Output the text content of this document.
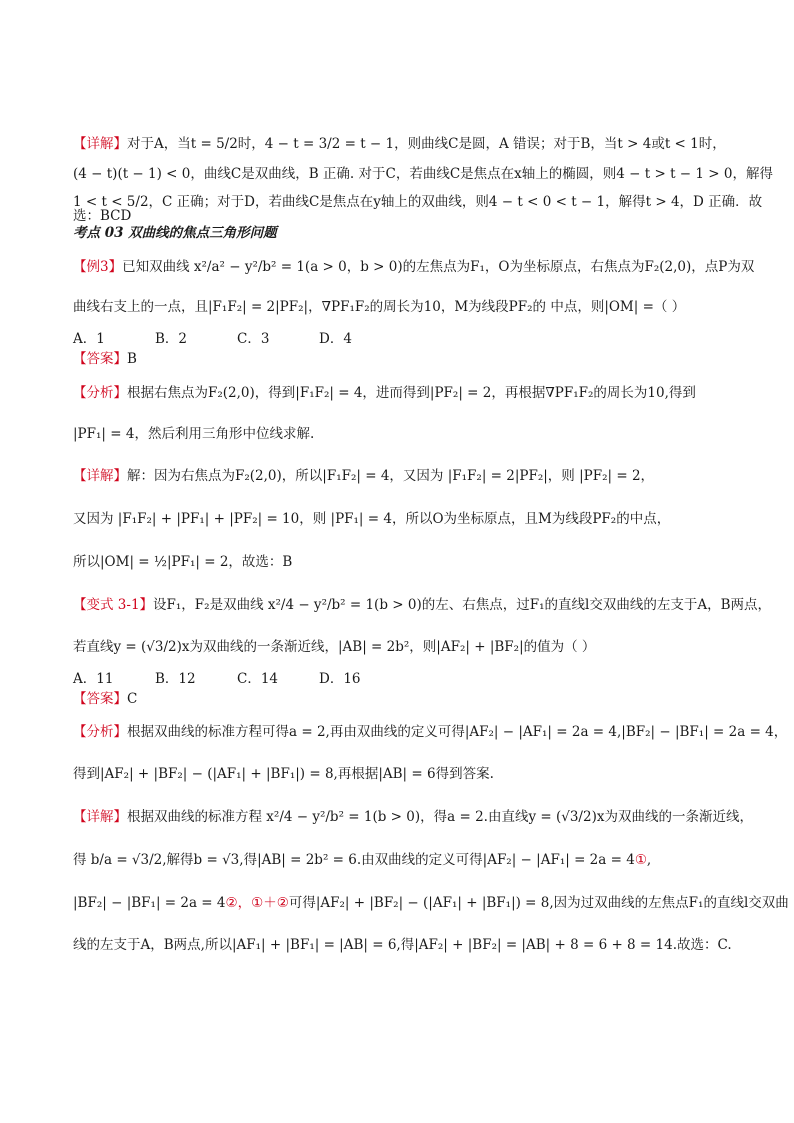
【详解】对于A，当t = 5/2时，4 − t = 3/2 = t − 1，则曲线C是圆，A 错误；对于B，当t > 4或t < 1时，
(4 − t)(t − 1) < 0，曲线C是双曲线，B 正确. 对于C，若曲线C是焦点在x轴上的椭圆，则4 − t > t − 1 > 0，解得
1 < t < 5/2，C 正确；对于D，若曲线C是焦点在y轴上的双曲线，则4 − t < 0 < t − 1，解得t > 4，D 正确．故
选：BCD
考点 03 双曲线的焦点三角形问题
【例3】已知双曲线 x²/a² − y²/b² = 1(a > 0，b > 0)的左焦点为F₁，O为坐标原点，右焦点为F₂(2,0)，点P为双
曲线右支上的一点，且|F₁F₂| = 2|PF₂|，∇PF₁F₂的周长为10，M为线段PF₂的 中点，则|OM| =（ ）
A．1	B．2	C．3	D．4
【答案】B
【分析】根据右焦点为F₂(2,0)，得到|F₁F₂| = 4，进而得到|PF₂| = 2，再根据∇PF₁F₂的周长为10,得到
|PF₁| = 4，然后利用三角形中位线求解.
【详解】解：因为右焦点为F₂(2,0)，所以|F₁F₂| = 4，又因为 |F₁F₂| = 2|PF₂|，则 |PF₂| = 2，
又因为 |F₁F₂| + |PF₁| + |PF₂| = 10，则 |PF₁| = 4，所以O为坐标原点，且M为线段PF₂的中点，
所以|OM| = ½|PF₁| = 2，故选：B
【变式 3-1】设F₁，F₂是双曲线 x²/4 − y²/b² = 1(b > 0)的左、右焦点，过F₁的直线l交双曲线的左支于A，B两点，
若直线y = (√3/2)x为双曲线的一条渐近线，|AB| = 2b²，则|AF₂| + |BF₂|的值为（ ）
A．11	B．12	C．14	D．16
【答案】C
【分析】根据双曲线的标准方程可得a = 2,再由双曲线的定义可得|AF₂| − |AF₁| = 2a = 4,|BF₂| − |BF₁| = 2a = 4，
得到|AF₂| + |BF₂| − (|AF₁| + |BF₁|) = 8,再根据|AB| = 6得到答案.
【详解】根据双曲线的标准方程 x²/4 − y²/b² = 1(b > 0)，得a = 2.由直线y = (√3/2)x为双曲线的一条渐近线，
得 b/a = √3/2,解得b = √3,得|AB| = 2b² = 6.由双曲线的定义可得|AF₂| − |AF₁| = 2a = 4①,
|BF₂| − |BF₁| = 2a = 4②，①＋②可得|AF₂| + |BF₂| − (|AF₁| + |BF₁|) = 8,因为过双曲线的左焦点F₁的直线l交双曲
线的左支于A，B两点,所以|AF₁| + |BF₁| = |AB| = 6,得|AF₂| + |BF₂| = |AB| + 8 = 6 + 8 = 14.故选：C.
